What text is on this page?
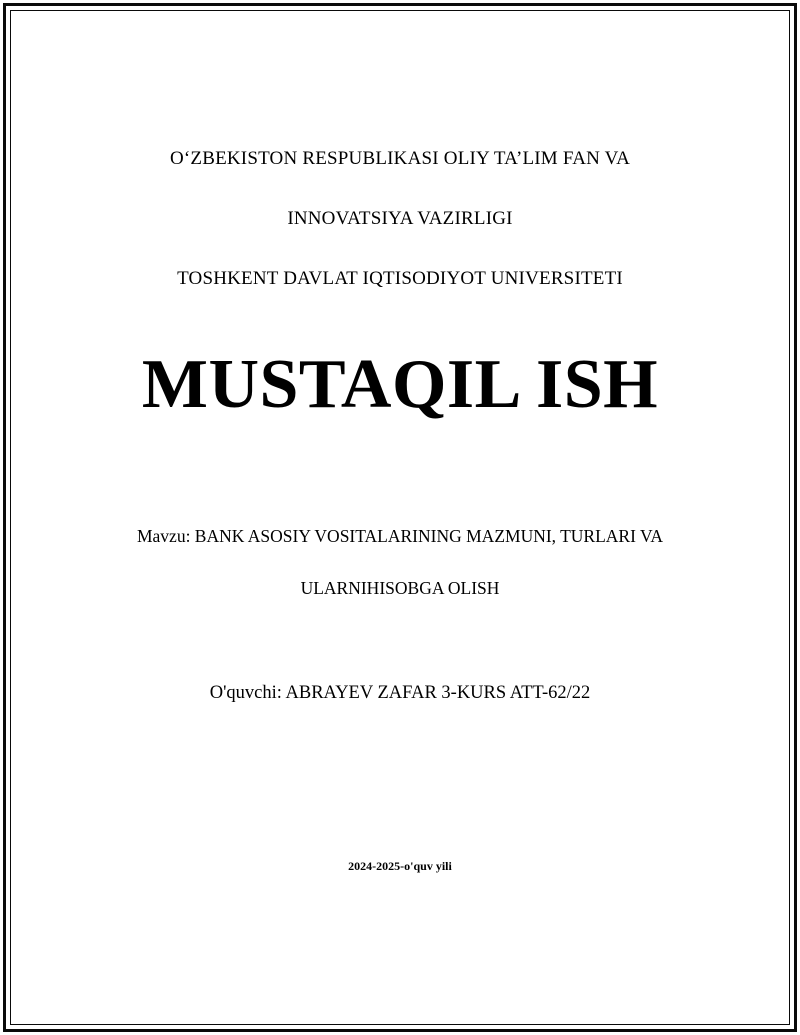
OʻZBEKISTON RESPUBLIKASI OLIY TA’LIM FAN VA

INNOVATSIYA VAZIRLIGI

TOSHKENT DAVLAT IQTISODIYOT UNIVERSITETI

MUSTAQIL ISH

Mavzu: BANK ASOSIY VOSITALARINING MAZMUNI, TURLARI VA

ULARNIHISOBGA OLISH

O'quvchi: ABRAYEV ZAFAR 3-KURS ATT-62/22
2024-2025-o'quv yili
